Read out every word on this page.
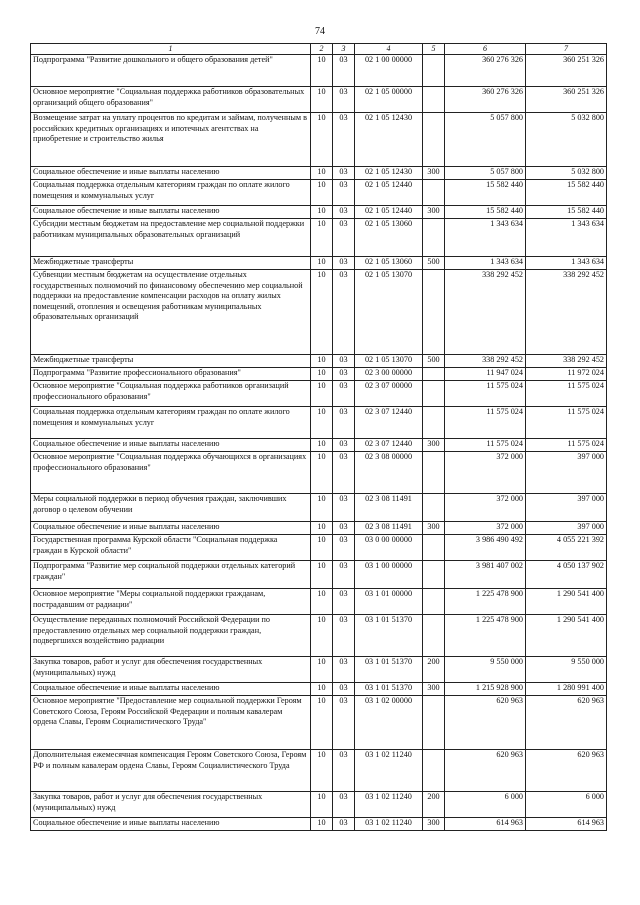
74
1	2	3	4	5	6	7
Подпрограмма "Развитие дошкольного и общего образования детей"	10	03	02 1 00 00000		360 276 326	360 251 326
Основное мероприятие "Социальная поддержка работников образовательных организаций общего образования"	10	03	02 1 05 00000		360 276 326	360 251 326
Возмещение затрат на уплату процентов по кредитам и займам, полученным в российских кредитных организациях и ипотечных агентствах на приобретение и строительство жилья	10	03	02 1 05 12430		5 057 800	5 032 800
Социальное обеспечение и иные выплаты населению	10	03	02 1 05 12430	300	5 057 800	5 032 800
Социальная поддержка отдельным категориям граждан по оплате жилого помещения и коммунальных услуг	10	03	02 1 05 12440		15 582 440	15 582 440
Социальное обеспечение и иные выплаты населению	10	03	02 1 05 12440	300	15 582 440	15 582 440
Субсидии местным бюджетам на предоставление мер социальной поддержки работникам муниципальных образовательных организаций	10	03	02 1 05 13060		1 343 634	1 343 634
Межбюджетные трансферты	10	03	02 1 05 13060	500	1 343 634	1 343 634
Субвенции местным бюджетам на осуществление отдельных государственных полномочий по финансовому обеспечению мер социальной поддержки на предоставление компенсации расходов на оплату жилых помещений, отопления и освещения работникам муниципальных образовательных организаций	10	03	02 1 05 13070		338 292 452	338 292 452
Межбюджетные трансферты	10	03	02 1 05 13070	500	338 292 452	338 292 452
Подпрограмма "Развитие профессионального образования"	10	03	02 3 00 00000		11 947 024	11 972 024
Основное мероприятие "Социальная поддержка работников организаций профессионального образования"	10	03	02 3 07 00000		11 575 024	11 575 024
Социальная поддержка отдельным категориям граждан по оплате жилого помещения и коммунальных услуг	10	03	02 3 07 12440		11 575 024	11 575 024
Социальное обеспечение и иные выплаты населению	10	03	02 3 07 12440	300	11 575 024	11 575 024
Основное мероприятие "Социальная поддержка обучающихся в организациях профессионального образования"	10	03	02 3 08 00000		372 000	397 000
Меры социальной поддержки в период обучения граждан, заключивших договор о целевом обучении	10	03	02 3 08 11491		372 000	397 000
Социальное обеспечение и иные выплаты населению	10	03	02 3 08 11491	300	372 000	397 000
Государственная программа Курской области "Социальная поддержка граждан в Курской области"	10	03	03 0 00 00000		3 986 490 492	4 055 221 392
Подпрограмма "Развитие мер социальной поддержки отдельных категорий граждан"	10	03	03 1 00 00000		3 981 407 002	4 050 137 902
Основное мероприятие "Меры социальной поддержки гражданам, пострадавшим от радиации"	10	03	03 1 01 00000		1 225 478 900	1 290 541 400
Осуществление переданных полномочий Российской Федерации по предоставлению отдельных мер социальной поддержки граждан, подвергшихся воздействию радиации	10	03	03 1 01 51370		1 225 478 900	1 290 541 400
Закупка товаров, работ и услуг для обеспечения государственных (муниципальных) нужд	10	03	03 1 01 51370	200	9 550 000	9 550 000
Социальное обеспечение и иные выплаты населению	10	03	03 1 01 51370	300	1 215 928 900	1 280 991 400
Основное мероприятие "Предоставление мер социальной поддержки Героям Советского Союза, Героям Российской Федерации и полным кавалерам ордена Славы, Героям Социалистического Труда"	10	03	03 1 02 00000		620 963	620 963
Дополнительная ежемесячная компенсация Героям Советского Союза, Героям РФ и полным кавалерам ордена Славы, Героям Социалистического Труда	10	03	03 1 02 11240		620 963	620 963
Закупка товаров, работ и услуг для обеспечения государственных (муниципальных) нужд	10	03	03 1 02 11240	200	6 000	6 000
Социальное обеспечение и иные выплаты населению	10	03	03 1 02 11240	300	614 963	614 963
